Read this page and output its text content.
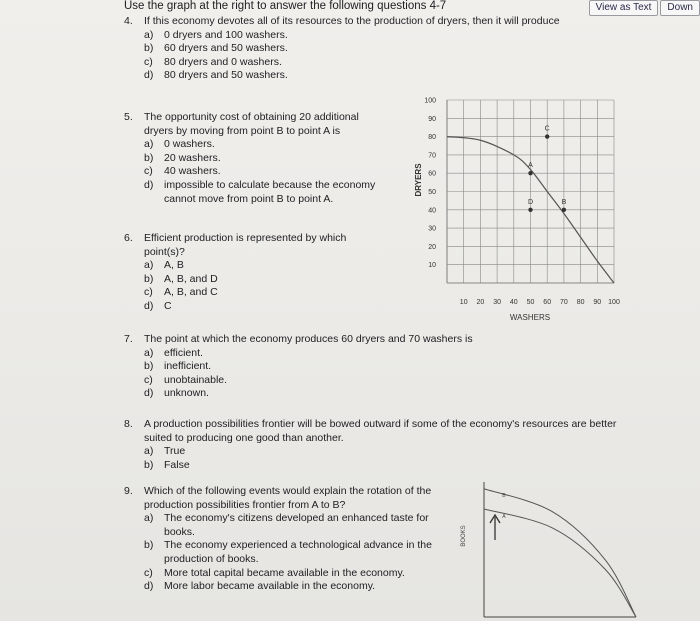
View as Text	Down
Use the graph at the right to answer the following questions 4-7
4.	If this economy devotes all of its resources to the production of dryers, then it will produce
a)	0 dryers and 100 washers.
b)	60 dryers and 50 washers.
c)	80 dryers and 0 washers.
d)	80 dryers and 50 washers.
5.	The opportunity cost of obtaining 20 additional
dryers by moving from point B to point A is
a)	0 washers.
b)	20 washers.
c)	40 washers.
d)	impossible to calculate because the economy
cannot move from point B to point A.
6.	Efficient production is represented by which
point(s)?
a)	A, B
b)	A, B, and D
c)	A, B, and C
d)	C
7.	The point at which the economy produces 60 dryers and 70 washers is
a)	efficient.
b)	inefficient.
c)	unobtainable.
d)	unknown.
8.	A production possibilities frontier will be bowed outward if some of the economy's resources are better
suited to producing one good than another.
a)	True
b)	False
9.	Which of the following events would explain the rotation of the
production possibilities frontier from A to B?
a)	The economy's citizens developed an enhanced taste for
books.
b)	The economy experienced a technological advance in the
production of books.
c)	More total capital became available in the economy.
d)	More labor became available in the economy.
10
20
30
40
50
60
70
80
90
100
10 20 30 40 50 60 70 80 90 100
DRYERS
WASHERS
C
A
D	B
BOOKS
B
A
